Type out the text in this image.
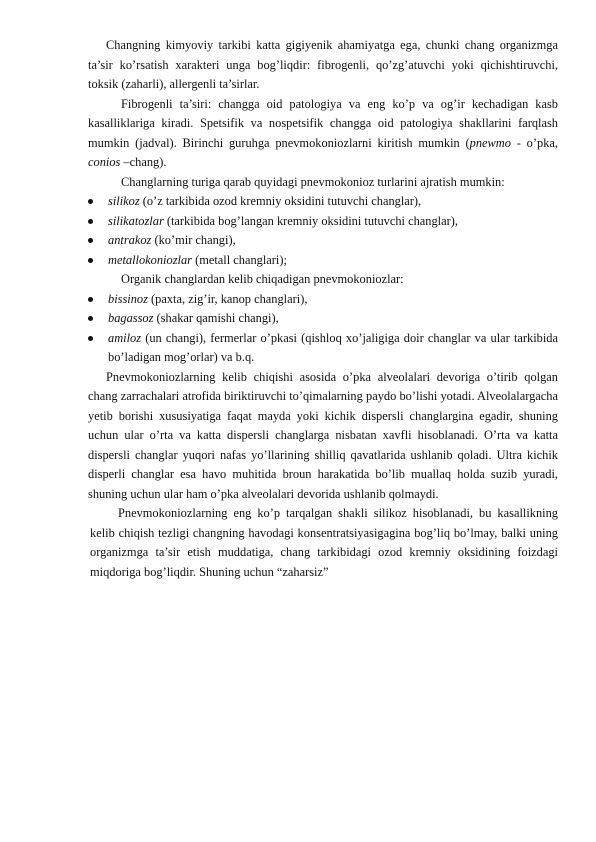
Changning kimyoviy tarkibi katta gigiyenik ahamiyatga ega, chunki chang organizmga ta’sir ko’rsatish xarakteri unga bog’liqdir: fibrogenli, qo’zg’atuvchi yoki qichishtiruvchi, toksik (zaharli), allergenli ta’sirlar.

Fibrogenli ta’siri: changga oid patologiya va eng ko’p va og’ir kechadigan kasb kasalliklariga kiradi. Spetsifik va nospetsifik changga oid patologiya shakllarini farqlash mumkin (jadval). Birinchi guruhga pnevmokoniozlarni kiritish mumkin (pnewmo - o’pka, conios –chang).

Changlarning turiga qarab quyidagi pnevmokonioz turlarini ajratish mumkin:

silikoz (o’z tarkibida ozod kremniy oksidini tutuvchi changlar),
silikatozlar (tarkibida bog’langan kremniy oksidini tutuvchi changlar),
antrakoz (ko’mir changi),
metallokoniozlar (metall changlari);

Organik changlardan kelib chiqadigan pnevmokoniozlar:

bissinoz (paxta, zig’ir, kanop changlari),
bagassoz (shakar qamishi changi),
amiloz (un changi), fermerlar o’pkasi (qishloq xo’jaligiga doir changlar va ular tarkibida bo’ladigan mog’orlar) va b.q.

Pnevmokoniozlarning kelib chiqishi asosida o’pka alveolalari devoriga o’tirib qolgan chang zarrachalari atrofida biriktiruvchi to’qimalarning paydo bo’lishi yotadi. Alveolalargacha yetib borishi xususiyatiga faqat mayda yoki kichik dispersli changlargina egadir, shuning uchun ular o’rta va katta dispersli changlarga nisbatan xavfli hisoblanadi. O’rta va katta dispersli changlar yuqori nafas yo’llarining shilliq qavatlarida ushlanib qoladi. Ultra kichik disperli changlar esa havo muhitida broun harakatida bo’lib muallaq holda suzib yuradi, shuning uchun ular ham o’pka alveolalari devorida ushlanib qolmaydi.

Pnevmokoniozlarning eng ko’p tarqalgan shakli silikoz hisoblanadi, bu kasallikning kelib chiqish tezligi changning havodagi konsentratsiyasigagina bog’liq bo’lmay, balki uning organizmga ta’sir etish muddatiga, chang tarkibidagi ozod kremniy oksidining foizdagi miqdoriga bog’liqdir. Shuning uchun “zaharsiz”
